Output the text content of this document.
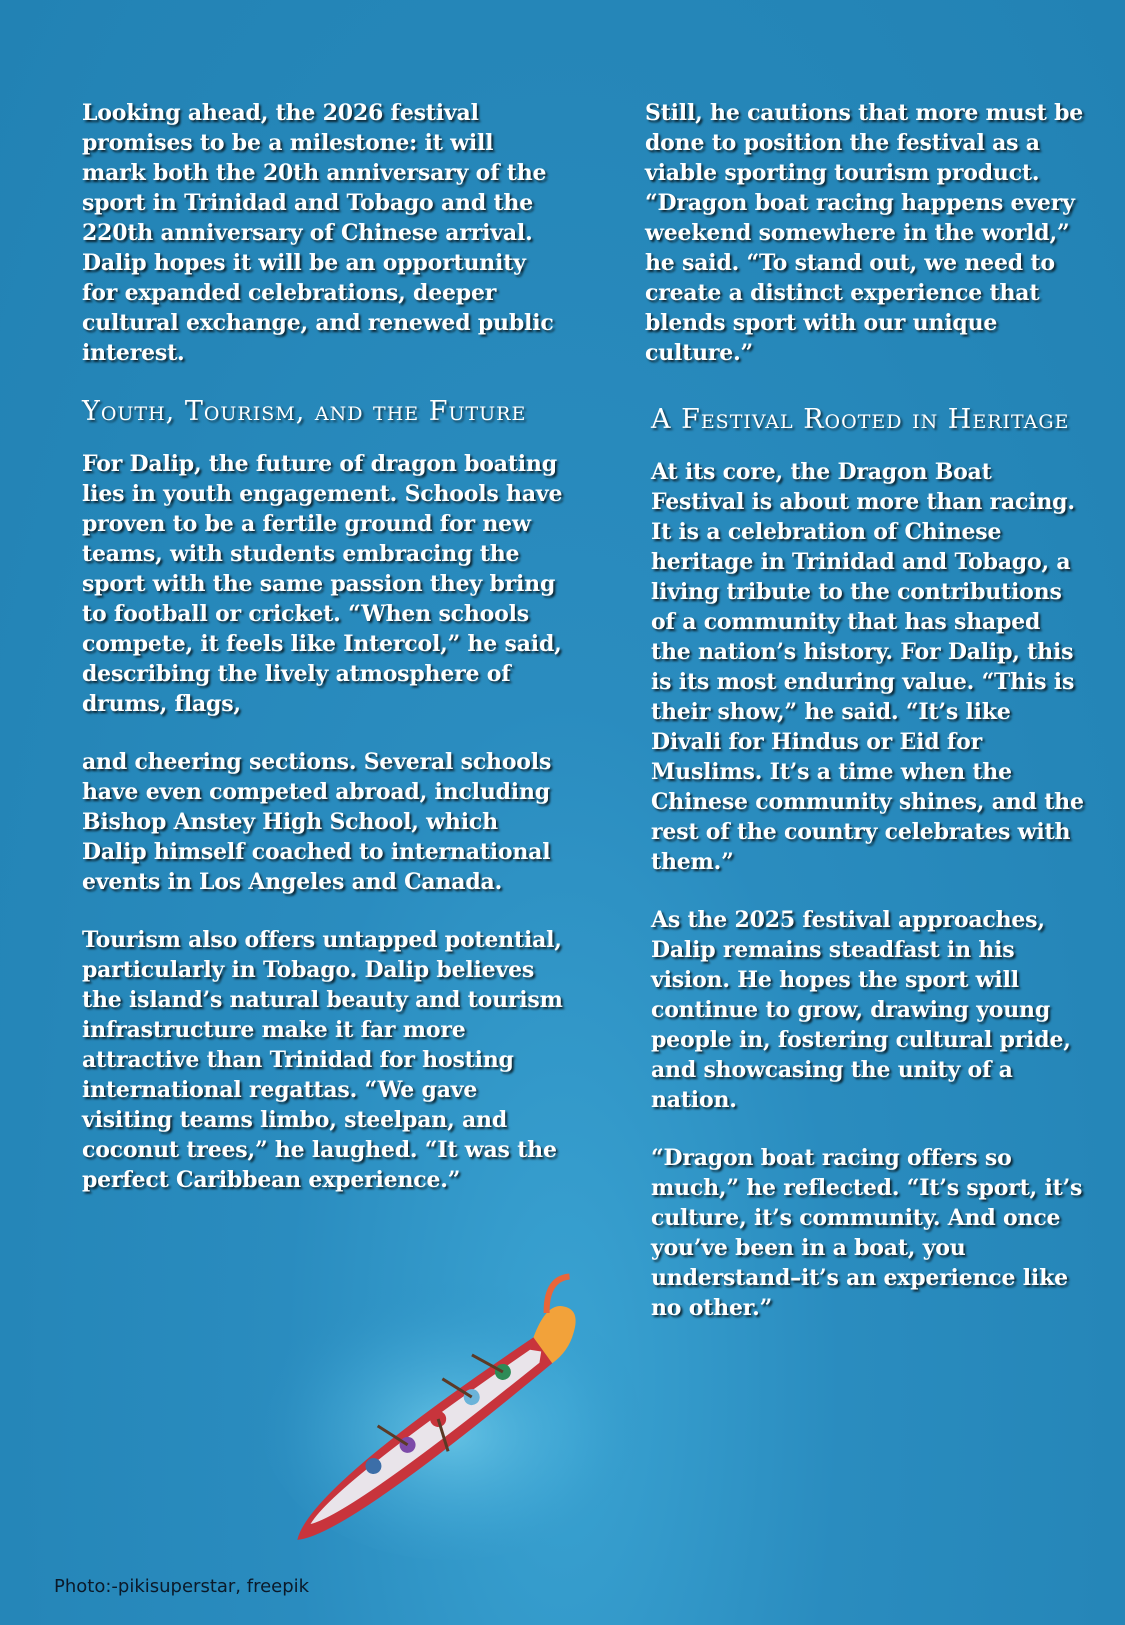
Looking ahead, the 2026 festival promises to be a milestone: it will mark both the 20th anniversary of the sport in Trinidad and Tobago and the 220th anniversary of Chinese arrival. Dalip hopes it will be an opportunity for expanded celebrations, deeper cultural exchange, and renewed public interest.

Youth, Tourism, and the Future

For Dalip, the future of dragon boating lies in youth engagement. Schools have proven to be a fertile ground for new teams, with students embracing the sport with the same passion they bring to football or cricket. “When schools compete, it feels like Intercol,” he said, describing the lively atmosphere of drums, flags,

and cheering sections. Several schools have even competed abroad, including Bishop Anstey High School, which Dalip himself coached to international events in Los Angeles and Canada.

Tourism also offers untapped potential, particularly in Tobago. Dalip believes the island’s natural beauty and tourism infrastructure make it far more attractive than Trinidad for hosting international regattas. “We gave visiting teams limbo, steelpan, and coconut trees,” he laughed. “It was the perfect Caribbean experience.”

Still, he cautions that more must be done to position the festival as a viable sporting tourism product. “Dragon boat racing happens every weekend somewhere in the world,” he said. “To stand out, we need to create a distinct experience that blends sport with our unique culture.”

A Festival Rooted in Heritage

At its core, the Dragon Boat Festival is about more than racing. It is a celebration of Chinese heritage in Trinidad and Tobago, a living tribute to the contributions of a community that has shaped the nation’s history. For Dalip, this is its most enduring value. “This is their show,” he said. “It’s like Divali for Hindus or Eid for Muslims. It’s a time when the Chinese community shines, and the rest of the country celebrates with them.”

As the 2025 festival approaches, Dalip remains steadfast in his vision. He hopes the sport will continue to grow, drawing young people in, fostering cultural pride, and showcasing the unity of a nation.

“Dragon boat racing offers so much,” he reflected. “It’s sport, it’s culture, it’s community. And once you’ve been in a boat, you understand–it’s an experience like no other.”

Photo:-pikisuperstar, freepik
